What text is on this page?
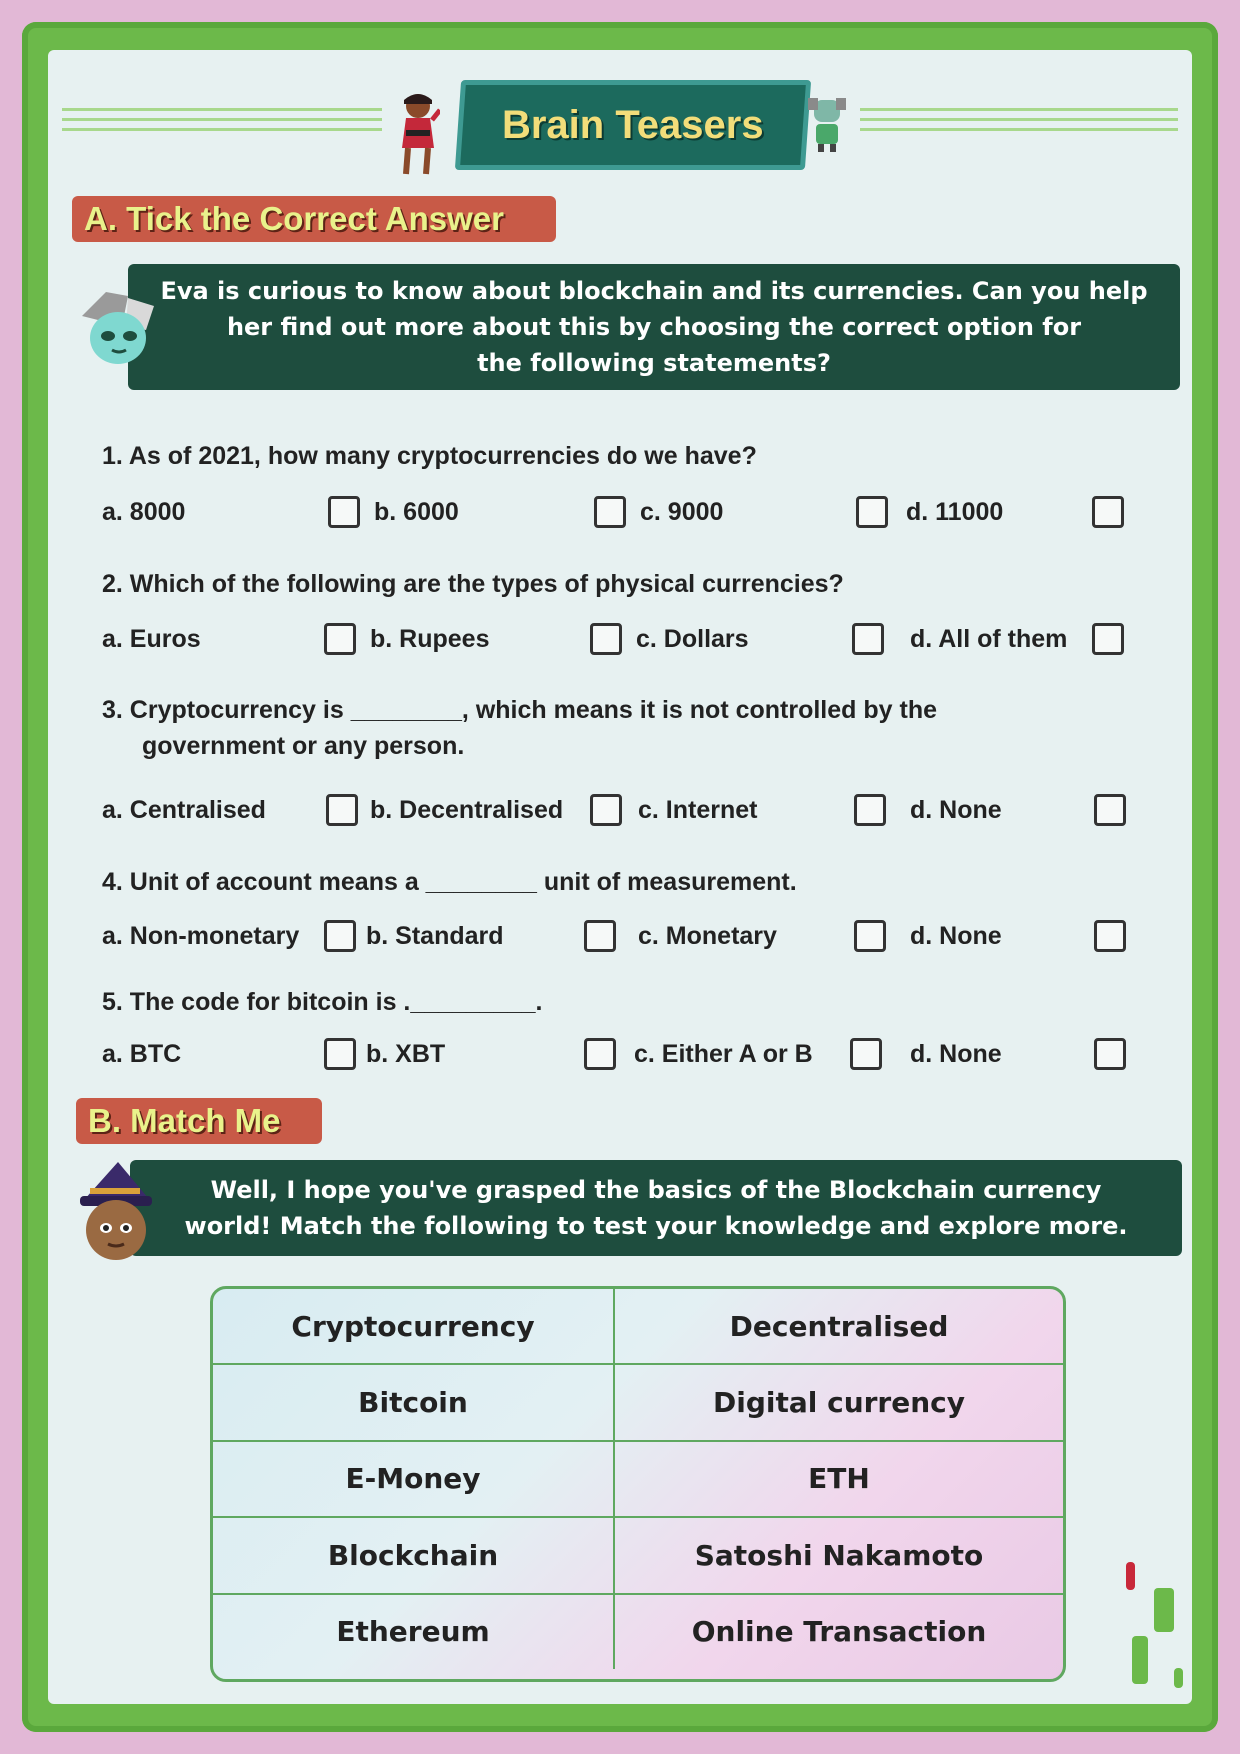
Brain Teasers
A. Tick the Correct Answer
Eva is curious to know about blockchain and its currencies. Can you help
her find out more about this by choosing the correct option for
the following statements?
1. As of 2021, how many cryptocurrencies do we have?
a. 8000	b. 6000	c. 9000	d. 11000
2. Which of the following are the types of physical currencies?
a. Euros	b. Rupees	c. Dollars	d. All of them
3. Cryptocurrency is ________, which means it is not controlled by the
government or any person.
a. Centralised	b. Decentralised	c. Internet	d. None
4. Unit of account means a ________ unit of measurement.
a. Non-monetary	b. Standard	c. Monetary	d. None
5. The code for bitcoin is ._________.
a. BTC	b. XBT	c. Either A or B	d. None
B. Match Me
Well, I hope you've grasped the basics of the Blockchain currency
world! Match the following to test your knowledge and explore more.
Cryptocurrency	Decentralised
Bitcoin	Digital currency
E-Money	ETH
Blockchain	Satoshi Nakamoto
Ethereum	Online Transaction
